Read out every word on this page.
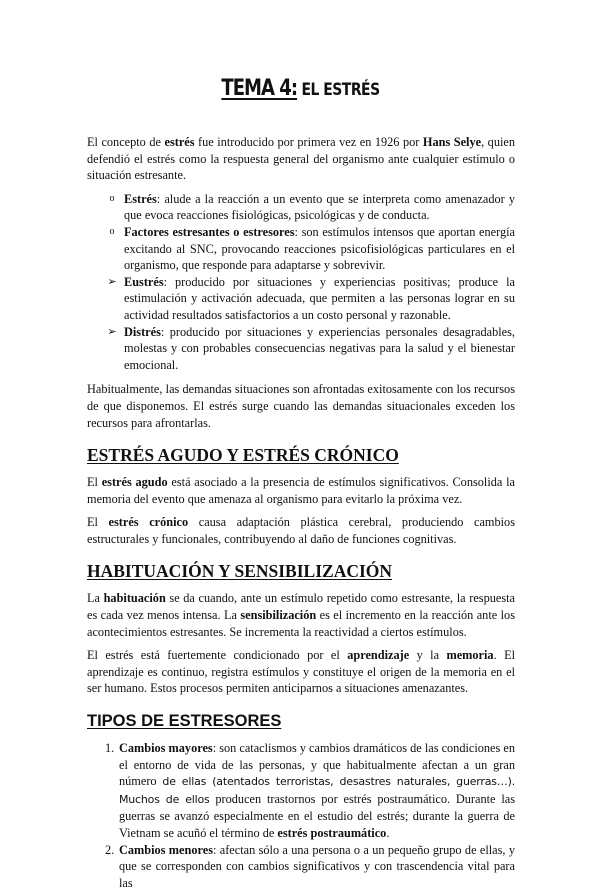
TEMA 4: EL ESTRÉS

El concepto de estrés fue introducido por primera vez en 1926 por Hans Selye, quien defendió el estrés como la respuesta general del organismo ante cualquier estímulo o situación estresante.

o Estrés: alude a la reacción a un evento que se interpreta como amenazador y que evoca reacciones fisiológicas, psicológicas y de conducta.
o Factores estresantes o estresores: son estímulos intensos que aportan energía excitando al SNC, provocando reacciones psicofisiológicas particulares en el organismo, que responde para adaptarse y sobrevivir.
➢ Eustrés: producido por situaciones y experiencias positivas; produce la estimulación y activación adecuada, que permiten a las personas lograr en su actividad resultados satisfactorios a un costo personal y razonable.
➢ Distrés: producido por situaciones y experiencias personales desagradables, molestas y con probables consecuencias negativas para la salud y el bienestar emocional.

Habitualmente, las demandas situaciones son afrontadas exitosamente con los recursos de que disponemos. El estrés surge cuando las demandas situacionales exceden los recursos para afrontarlas.

ESTRÉS AGUDO Y ESTRÉS CRÓNICO

El estrés agudo está asociado a la presencia de estímulos significativos. Consolida la memoria del evento que amenaza al organismo para evitarlo la próxima vez.

El estrés crónico causa adaptación plástica cerebral, produciendo cambios estructurales y funcionales, contribuyendo al daño de funciones cognitivas.

HABITUACIÓN Y SENSIBILIZACIÓN

La habituación se da cuando, ante un estímulo repetido como estresante, la respuesta es cada vez menos intensa. La sensibilización es el incremento en la reacción ante los acontecimientos estresantes. Se incrementa la reactividad a ciertos estímulos.

El estrés está fuertemente condicionado por el aprendizaje y la memoria. El aprendizaje es continuo, registra estímulos y constituye el origen de la memoria en el ser humano. Estos procesos permiten anticiparnos a situaciones amenazantes.

TIPOS DE ESTRESORES
1. Cambios mayores: son cataclismos y cambios dramáticos de las condiciones en el entorno de vida de las personas, y que habitualmente afectan a un gran número de ellas (atentados terroristas, desastres naturales, guerras…). Muchos de ellos producen trastornos por estrés postraumático. Durante las guerras se avanzó especialmente en el estudio del estrés; durante la guerra de Vietnam se acuñó el término de estrés postraumático.
2. Cambios menores: afectan sólo a una persona o a un pequeño grupo de ellas, y que se corresponden con cambios significativos y con trascendencia vital para las
